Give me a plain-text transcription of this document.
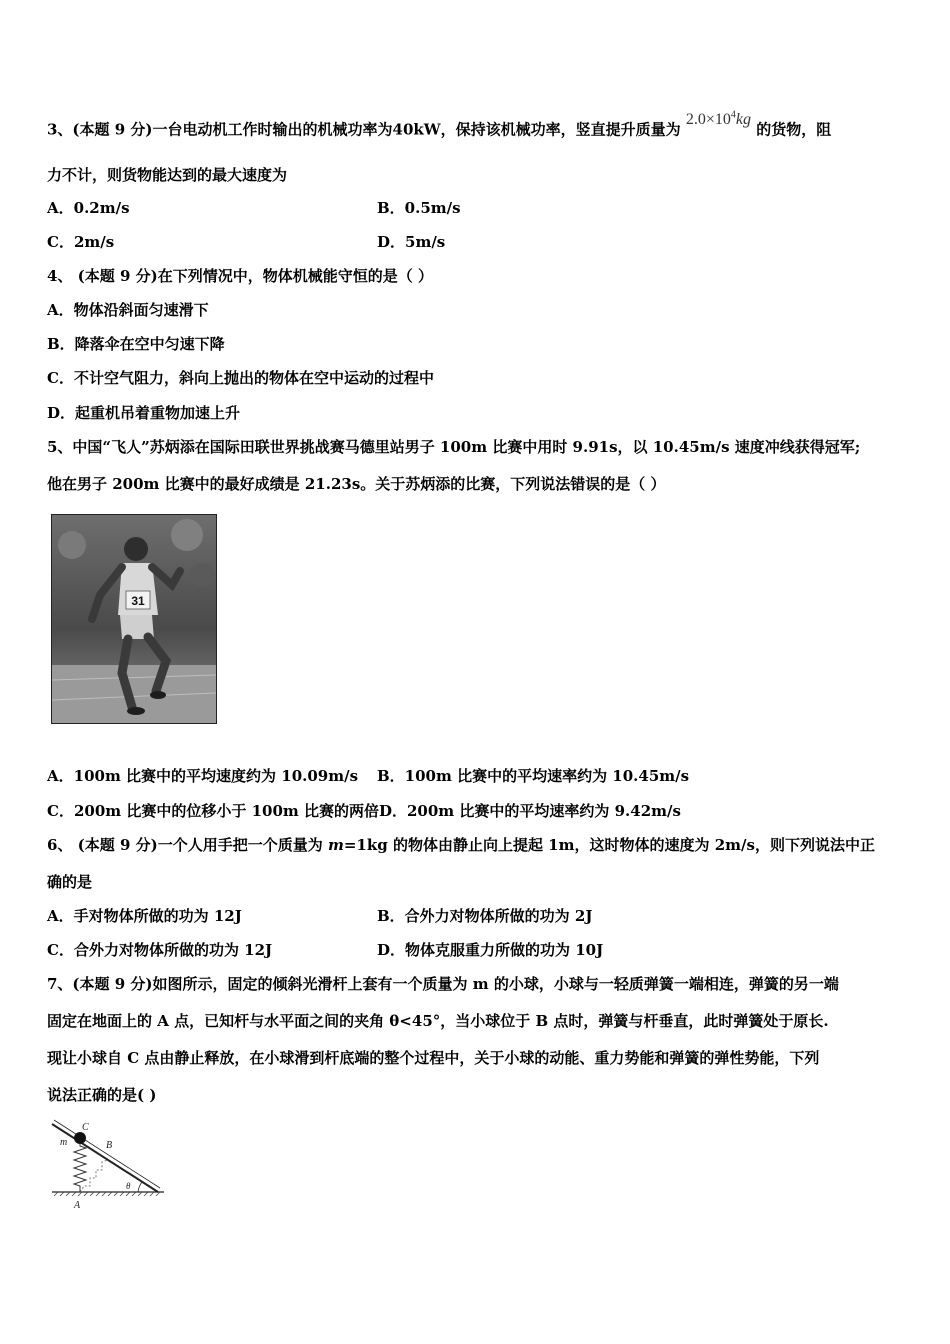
3、(本题 9 分)一台电动机工作时输出的机械功率为40kW，保持该机械功率，竖直提升质量为 $2.0\times 10^4kg$ 的货物，阻
力不计，则货物能达到的最大速度为
A．0.2m/s	B．0.5m/s
C．2m/s	D．5m/s
4、 (本题 9 分)在下列情况中，物体机械能守恒的是（ ）
A．物体沿斜面匀速滑下
B．降落伞在空中匀速下降
C．不计空气阻力，斜向上抛出的物体在空中运动的过程中
D．起重机吊着重物加速上升
5、中国“飞人”苏炳添在国际田联世界挑战赛马德里站男子 100m 比赛中用时 9.91s，以 10.45m/s 速度冲线获得冠军;
他在男子 200m 比赛中的最好成绩是 21.23s。关于苏炳添的比赛，下列说法错误的是（ ）
31
A．100m 比赛中的平均速度约为 10.09m/s B．100m 比赛中的平均速率约为 10.45m/s
C．200m 比赛中的位移小于 100m 比赛的两倍D．200m 比赛中的平均速率约为 9.42m/s
6、 (本题 9 分)一个人用手把一个质量为 m=1kg 的物体由静止向上提起 1m，这时物体的速度为 2m/s，则下列说法中正
确的是
A．手对物体所做的功为 12J	B．合外力对物体所做的功为 2J
C．合外力对物体所做的功为 12J	D．物体克服重力所做的功为 10J
7、(本题 9 分)如图所示，固定的倾斜光滑杆上套有一个质量为 m 的小球，小球与一轻质弹簧一端相连，弹簧的另一端
固定在地面上的 A 点，已知杆与水平面之间的夹角 θ<45°，当小球位于 B 点时，弹簧与杆垂直，此时弹簧处于原长.
现让小球自 C 点由静止释放，在小球滑到杆底端的整个过程中，关于小球的动能、重力势能和弹簧的弹性势能，下列
说法正确的是( )
θ
m
C
B
A
